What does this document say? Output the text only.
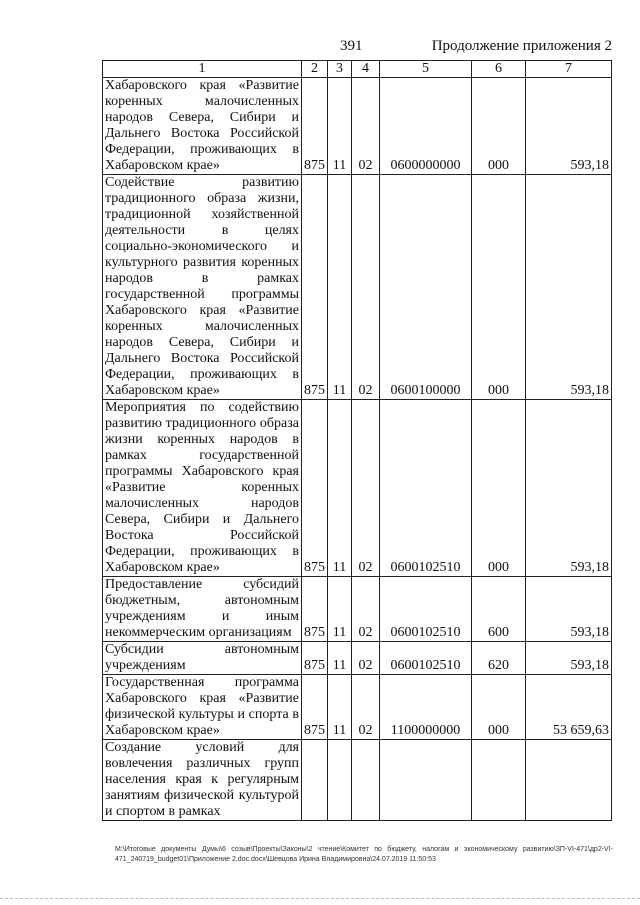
391	Продолжение приложения 2
1	2	3	4	5	6	7
Хабаровского края «Развитие коренных малочисленных народов Севера, Сибири и Дальнего Востока Российской Федерации, проживающих в Хабаровском крае»	875	11	02	0600000000	000	593,18
Содействие развитию традиционного образа жизни, традиционной хозяйственной деятельности в целях социально-экономического и культурного развития коренных народов в рамках государственной программы Хабаровского края «Развитие коренных малочисленных народов Севера, Сибири и Дальнего Востока Российской Федерации, проживающих в Хабаровском крае»	875	11	02	0600100000	000	593,18
Мероприятия по содействию развитию традиционного образа жизни коренных народов в рамках государственной программы Хабаровского края «Развитие коренных малочисленных народов Севера, Сибири и Дальнего Востока Российской Федерации, проживающих в Хабаровском крае»	875	11	02	0600102510	000	593,18
Предоставление субсидий бюджетным, автономным учреждениям и иным некоммерческим организациям	875	11	02	0600102510	600	593,18
Субсидии автономным учреждениям	875	11	02	0600102510	620	593,18
Государственная программа Хабаровского края «Развитие физической культуры и спорта в Хабаровском крае»	875	11	02	1100000000	000	53 659,63
Создание условий для вовлечения различных групп населения края к регулярным занятиям физической культурой и спортом в рамках						
M:\Итоговые документы Думы\6 созыв\Проекты\Законы\2 чтение\Комитет по бюджету, налогам и экономическому развитию\ЗП-VI-471\др2-VI-471_240719_budget01\Приложение 2.doc.docx\Шевцова Ирина Владимировна\24.07.2019 11:50:53
